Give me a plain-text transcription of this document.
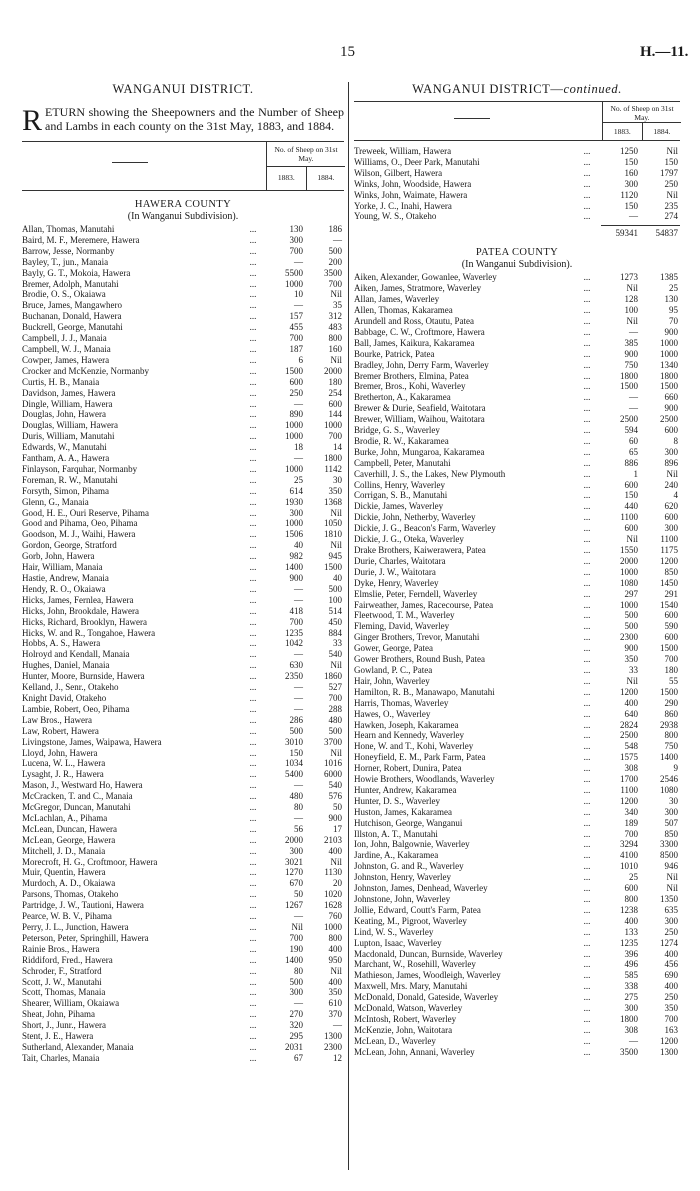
15	H.—11.
WANGANUI DISTRICT.

RETURN showing the Sheepowners and the Number of Sheep and Lambs in each county on the 31st May, 1883, and 1884.

No. of Sheep on 31st May.
1883.	1884.
HAWERA COUNTY
(In Wanganui Subdivision).
Allan, Thomas, Manutahi	...	130	186
Baird, M. F., Meremere, Hawera	...	300	—
Barrow, Jesse, Normanby	...	700	500
Bayley, T., jun., Manaia	...	—	200
Bayly, G. T., Mokoia, Hawera	...	5500	3500
Bremer, Adolph, Manutahi	...	1000	700
Brodie, O. S., Okaiawa	...	10	Nil
Bruce, James, Mangawhero	...	—	35
Buchanan, Donald, Hawera	...	157	312
Buckrell, George, Manutahi	...	455	483
Campbell, J. J., Manaia	...	700	800
Campbell, W. J., Manaia	...	187	160
Cowper, James, Hawera	...	6	Nil
Crocker and McKenzie, Normanby	...	1500	2000
Curtis, H. B., Manaia	...	600	180
Davidson, James, Hawera	...	250	254
Dingle, William, Hawera	...	—	600
Douglas, John, Hawera	...	890	144
Douglas, William, Hawera	...	1000	1000
Duris, William, Manutahi	...	1000	700
Edwards, W., Manutahi	...	18	14
Fantham, A. A., Hawera	...	—	1800
Finlayson, Farquhar, Normanby	...	1000	1142
Foreman, R. W., Manutahi	...	25	30
Forsyth, Simon, Pihama	...	614	350
Glenn, G., Manaia	...	1930	1368
Good, H. E., Ouri Reserve, Pihama	...	300	Nil
Good and Pihama, Oeo, Pihama	...	1000	1050
Goodson, M. J., Waihi, Hawera	...	1506	1810
Gordon, George, Stratford	...	40	Nil
Gorb, John, Hawera	...	982	945
Hair, William, Manaia	...	1400	1500
Hastie, Andrew, Manaia	...	900	40
Hendy, R. O., Okaiawa	...	—	500
Hicks, James, Fernlea, Hawera	...	—	100
Hicks, John, Brookdale, Hawera	...	418	514
Hicks, Richard, Brooklyn, Hawera	...	700	450
Hicks, W. and R., Tongahoe, Hawera	...	1235	884
Hobbs, A. S., Hawera	...	1042	33
Holroyd and Kendall, Manaia	...	—	540
Hughes, Daniel, Manaia	...	630	Nil
Hunter, Moore, Burnside, Hawera	...	2350	1860
Kelland, J., Senr., Otakeho	...	—	527
Knight David, Otakeho	...	—	700
Lambie, Robert, Oeo, Pihama	...	—	288
Law Bros., Hawera	...	286	480
Law, Robert, Hawera	...	500	500
Livingstone, James, Waipawa, Hawera	...	3010	3700
Lloyd, John, Hawera	...	150	Nil
Lucena, W. L., Hawera	...	1034	1016
Lysaght, J. R., Hawera	...	5400	6000
Mason, J., Westward Ho, Hawera	...	—	540
McCracken, T. and C., Manaia	...	480	576
McGregor, Duncan, Manutahi	...	80	50
McLachlan, A., Pihama	...	—	900
McLean, Duncan, Hawera	...	56	17
McLean, George, Hawera	...	2000	2103
Mitchell, J. D., Manaia	...	300	400
Morecroft, H. G., Croftmoor, Hawera	...	3021	Nil
Muir, Quentin, Hawera	...	1270	1130
Murdoch, A. D., Okaiawa	...	670	20
Parsons, Thomas, Otakeho	...	50	1020
Partridge, J. W., Tautioni, Hawera	...	1267	1628
Pearce, W. B. V., Pihama	...	—	760
Perry, J. L., Junction, Hawera	...	Nil	1000
Peterson, Peter, Springhill, Hawera	...	700	800
Rainie Bros., Hawera	...	190	400
Riddiford, Fred., Hawera	...	1400	950
Schroder, F., Stratford	...	80	Nil
Scott, J. W., Manutahi	...	500	400
Scott, Thomas, Manaia	...	300	350
Shearer, William, Okaiawa	...	—	610
Sheat, John, Pihama	...	270	370
Short, J., Junr., Hawera	...	320	—
Stent, J. E., Hawera	...	295	1300
Sutherland, Alexander, Manaia	...	2031	2300
Tait, Charles, Manaia	...	67	12
WANGANUI DISTRICT—continued.
No. of Sheep on 31st May.
1883.	1884.
Treweek, William, Hawera	...	1250	Nil
Williams, O., Deer Park, Manutahi	...	150	150
Wilson, Gilbert, Hawera	...	160	1797
Winks, John, Woodside, Hawera	...	300	250
Winks, John, Waimate, Hawera	...	1120	Nil
Yorke, J. C., Inahi, Hawera	...	150	235
Young, W. S., Otakeho	...	—	274
59341	54837
PATEA COUNTY
(In Wanganui Subdivision).
Aiken, Alexander, Gowanlee, Waverley	...	1273	1385
Aiken, James, Stratmore, Waverley	...	Nil	25
Allan, James, Waverley	...	128	130
Allen, Thomas, Kakaramea	...	100	95
Arundell and Ross, Otautu, Patea	...	Nil	70
Babbage, C. W., Croftmore, Hawera	...	—	900
Ball, James, Kaikura, Kakaramea	...	385	1000
Bourke, Patrick, Patea	...	900	1000
Bradley, John, Derry Farm, Waverley	...	750	1340
Bremer Brothers, Elmina, Patea	...	1800	1800
Bremer, Bros., Kohi, Waverley	...	1500	1500
Bretherton, A., Kakaramea	...	—	660
Brewer & Durie, Seafield, Waitotara	...	—	900
Brewer, William, Waihou, Waitotara	...	2500	2500
Bridge, G. S., Waverley	...	594	600
Brodie, R. W., Kakaramea	...	60	8
Burke, John, Mungaroa, Kakaramea	...	65	300
Campbell, Peter, Manutahi	...	886	896
Caverhill, J. S., the Lakes, New Plymouth	...	1	Nil
Collins, Henry, Waverley	...	600	240
Corrigan, S. B., Manutahi	...	150	4
Dickie, James, Waverley	...	440	620
Dickie, John, Netherby, Waverley	...	1100	600
Dickie, J. G., Beacon's Farm, Waverley	...	600	300
Dickie, J. G., Oteka, Waverley	...	Nil	1100
Drake Brothers, Kaiwerawera, Patea	...	1550	1175
Durie, Charles, Waitotara	...	2000	1200
Durie, J. W., Waitotara	...	1000	850
Dyke, Henry, Waverley	...	1080	1450
Elmslie, Peter, Ferndell, Waverley	...	297	291
Fairweather, James, Racecourse, Patea	...	1000	1540
Fleetwood, T. M., Waverley	...	500	600
Fleming, David, Waverley	...	500	590
Ginger Brothers, Trevor, Manutahi	...	2300	600
Gower, George, Patea	...	900	1500
Gower Brothers, Round Bush, Patea	...	350	700
Gowland, P. C., Patea	...	33	180
Hair, John, Waverley	...	Nil	55
Hamilton, R. B., Manawapo, Manutahi	...	1200	1500
Harris, Thomas, Waverley	...	400	290
Hawes, O., Waverley	...	640	860
Hawken, Joseph, Kakaramea	...	2824	2938
Hearn and Kennedy, Waverley	...	2500	800
Hone, W. and T., Kohi, Waverley	...	548	750
Honeyfield, E. M., Park Farm, Patea	...	1575	1400
Horner, Robert, Dunira, Patea	...	308	9
Howie Brothers, Woodlands, Waverley	...	1700	2546
Hunter, Andrew, Kakaramea	...	1100	1080
Hunter, D. S., Waverley	...	1200	30
Huston, James, Kakaramea	...	340	300
Hutchison, George, Wanganui	...	189	507
Illston, A. T., Manutahi	...	700	850
Ion, John, Balgownie, Waverley	...	3294	3300
Jardine, A., Kakaramea	...	4100	8500
Johnston, G. and R., Waverley	...	1010	946
Johnston, Henry, Waverley	...	25	Nil
Johnston, James, Denhead, Waverley	...	600	Nil
Johnstone, John, Waverley	...	800	1350
Jollie, Edward, Coutt's Farm, Patea	...	1238	635
Keating, M., Pigroot, Waverley	...	400	300
Lind, W. S., Waverley	...	133	250
Lupton, Isaac, Waverley	...	1235	1274
Macdonald, Duncan, Burnside, Waverley	...	396	400
Marchant, W., Rosehill, Waverley	...	496	456
Mathieson, James, Woodleigh, Waverley	...	585	690
Maxwell, Mrs. Mary, Manutahi	...	338	400
McDonald, Donald, Gateside, Waverley	...	275	250
McDonald, Watson, Waverley	...	300	350
McIntosh, Robert, Waverley	...	1800	700
McKenzie, John, Waitotara	...	308	163
McLean, D., Waverley	...	—	1200
McLean, John, Annani, Waverley	...	3500	1300
